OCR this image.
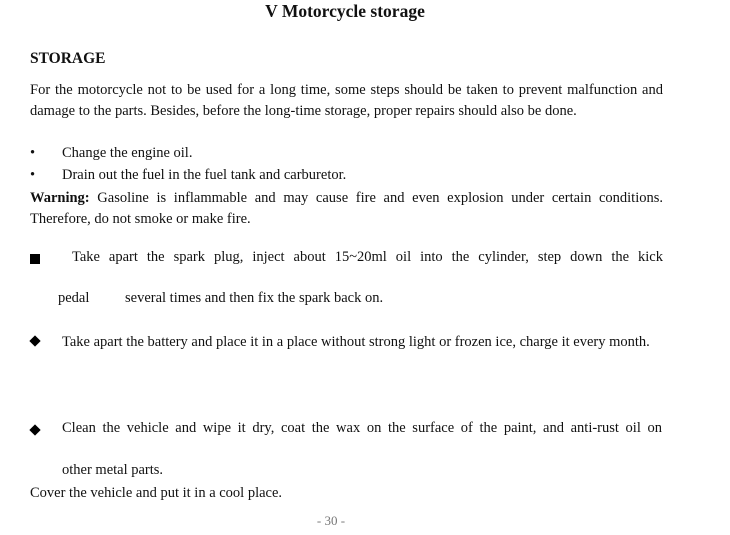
V Motorcycle storage
STORAGE
For the motorcycle not to be used for a long time, some steps should be taken to prevent malfunction and damage to the parts. Besides, before the long-time storage, proper repairs should also be done.
• Change the engine oil.
• Drain out the fuel in the fuel tank and carburetor.
Warning: Gasoline is inflammable and may cause fire and even explosion under certain conditions. Therefore, do not smoke or make fire.
Take apart the spark plug, inject about 15~20ml oil into the cylinder, step down the kick
pedal several times and then fix the spark back on.
Take apart the battery and place it in a place without strong light or frozen ice, charge it every month.
Clean the vehicle and wipe it dry, coat the wax on the surface of the paint, and anti-rust oil on
other metal parts.
Cover the vehicle and put it in a cool place.
- 30 -
